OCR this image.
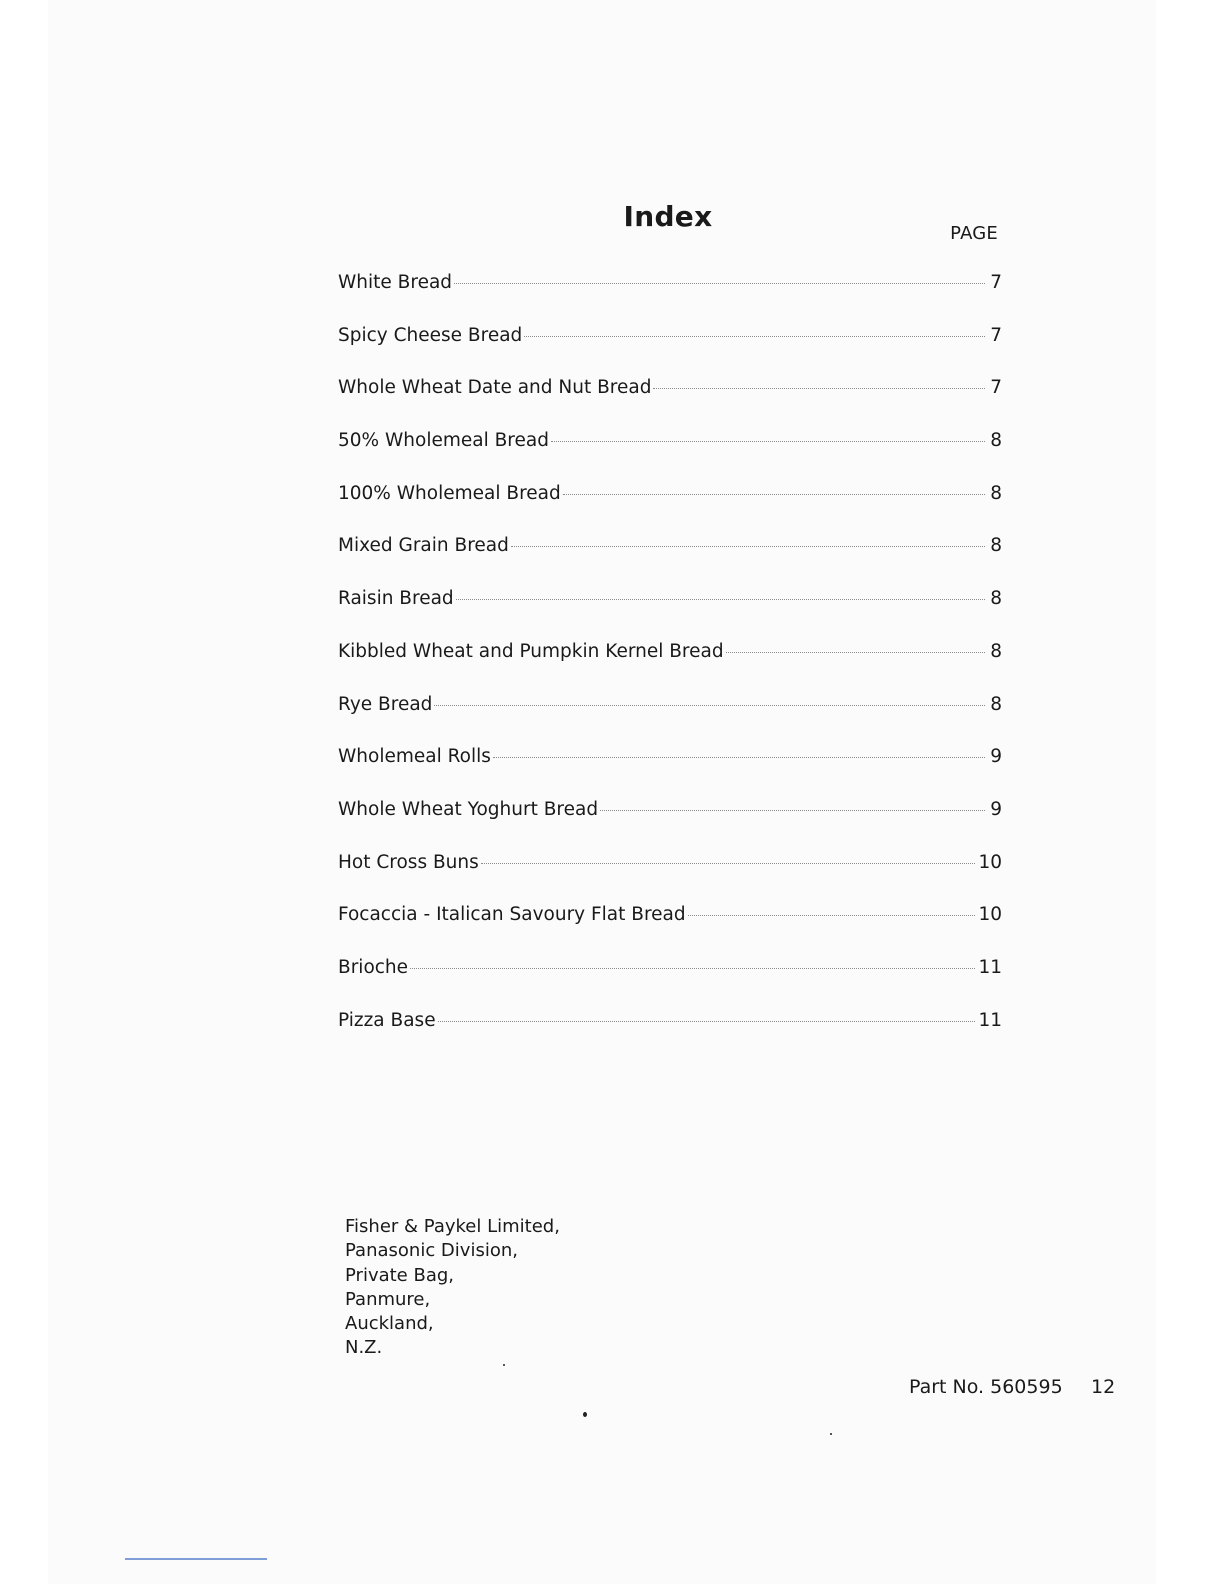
Index
PAGE
White Bread	7
Spicy Cheese Bread	7
Whole Wheat Date and Nut Bread	7
50% Wholemeal Bread	8
100% Wholemeal Bread	8
Mixed Grain Bread	8
Raisin Bread	8
Kibbled Wheat and Pumpkin Kernel Bread	8
Rye Bread	8
Wholemeal Rolls	9
Whole Wheat Yoghurt Bread	9
Hot Cross Buns	10
Focaccia - Italican Savoury Flat Bread	10
Brioche	11
Pizza Base	11
Fisher & Paykel Limited,
Panasonic Division,
Private Bag,
Panmure,
Auckland,
N.Z.
Part No. 560595 12
